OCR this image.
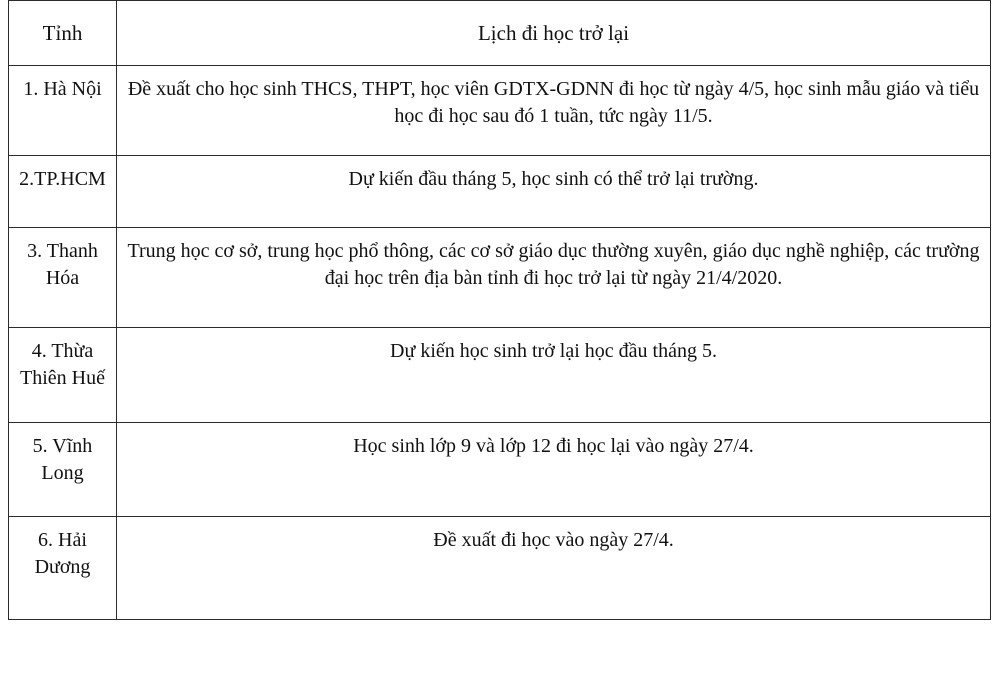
Tỉnh	Lịch đi học trở lại
1. Hà Nội	Đề xuất cho học sinh THCS, THPT, học viên GDTX-GDNN đi học từ ngày 4/5, học sinh mẫu giáo và tiểu học đi học sau đó 1 tuần, tức ngày 11/5.
2.TP.HCM	Dự kiến đầu tháng 5, học sinh có thể trở lại trường.
3. Thanh Hóa	Trung học cơ sở, trung học phổ thông, các cơ sở giáo dục thường xuyên, giáo dục nghề nghiệp, các trường đại học trên địa bàn tỉnh đi học trở lại từ ngày 21/4/2020.
4. Thừa Thiên Huế	Dự kiến học sinh trở lại học đầu tháng 5.
5. Vĩnh Long	Học sinh lớp 9 và lớp 12 đi học lại vào ngày 27/4.
6. Hải Dương	Đề xuất đi học vào ngày 27/4.
